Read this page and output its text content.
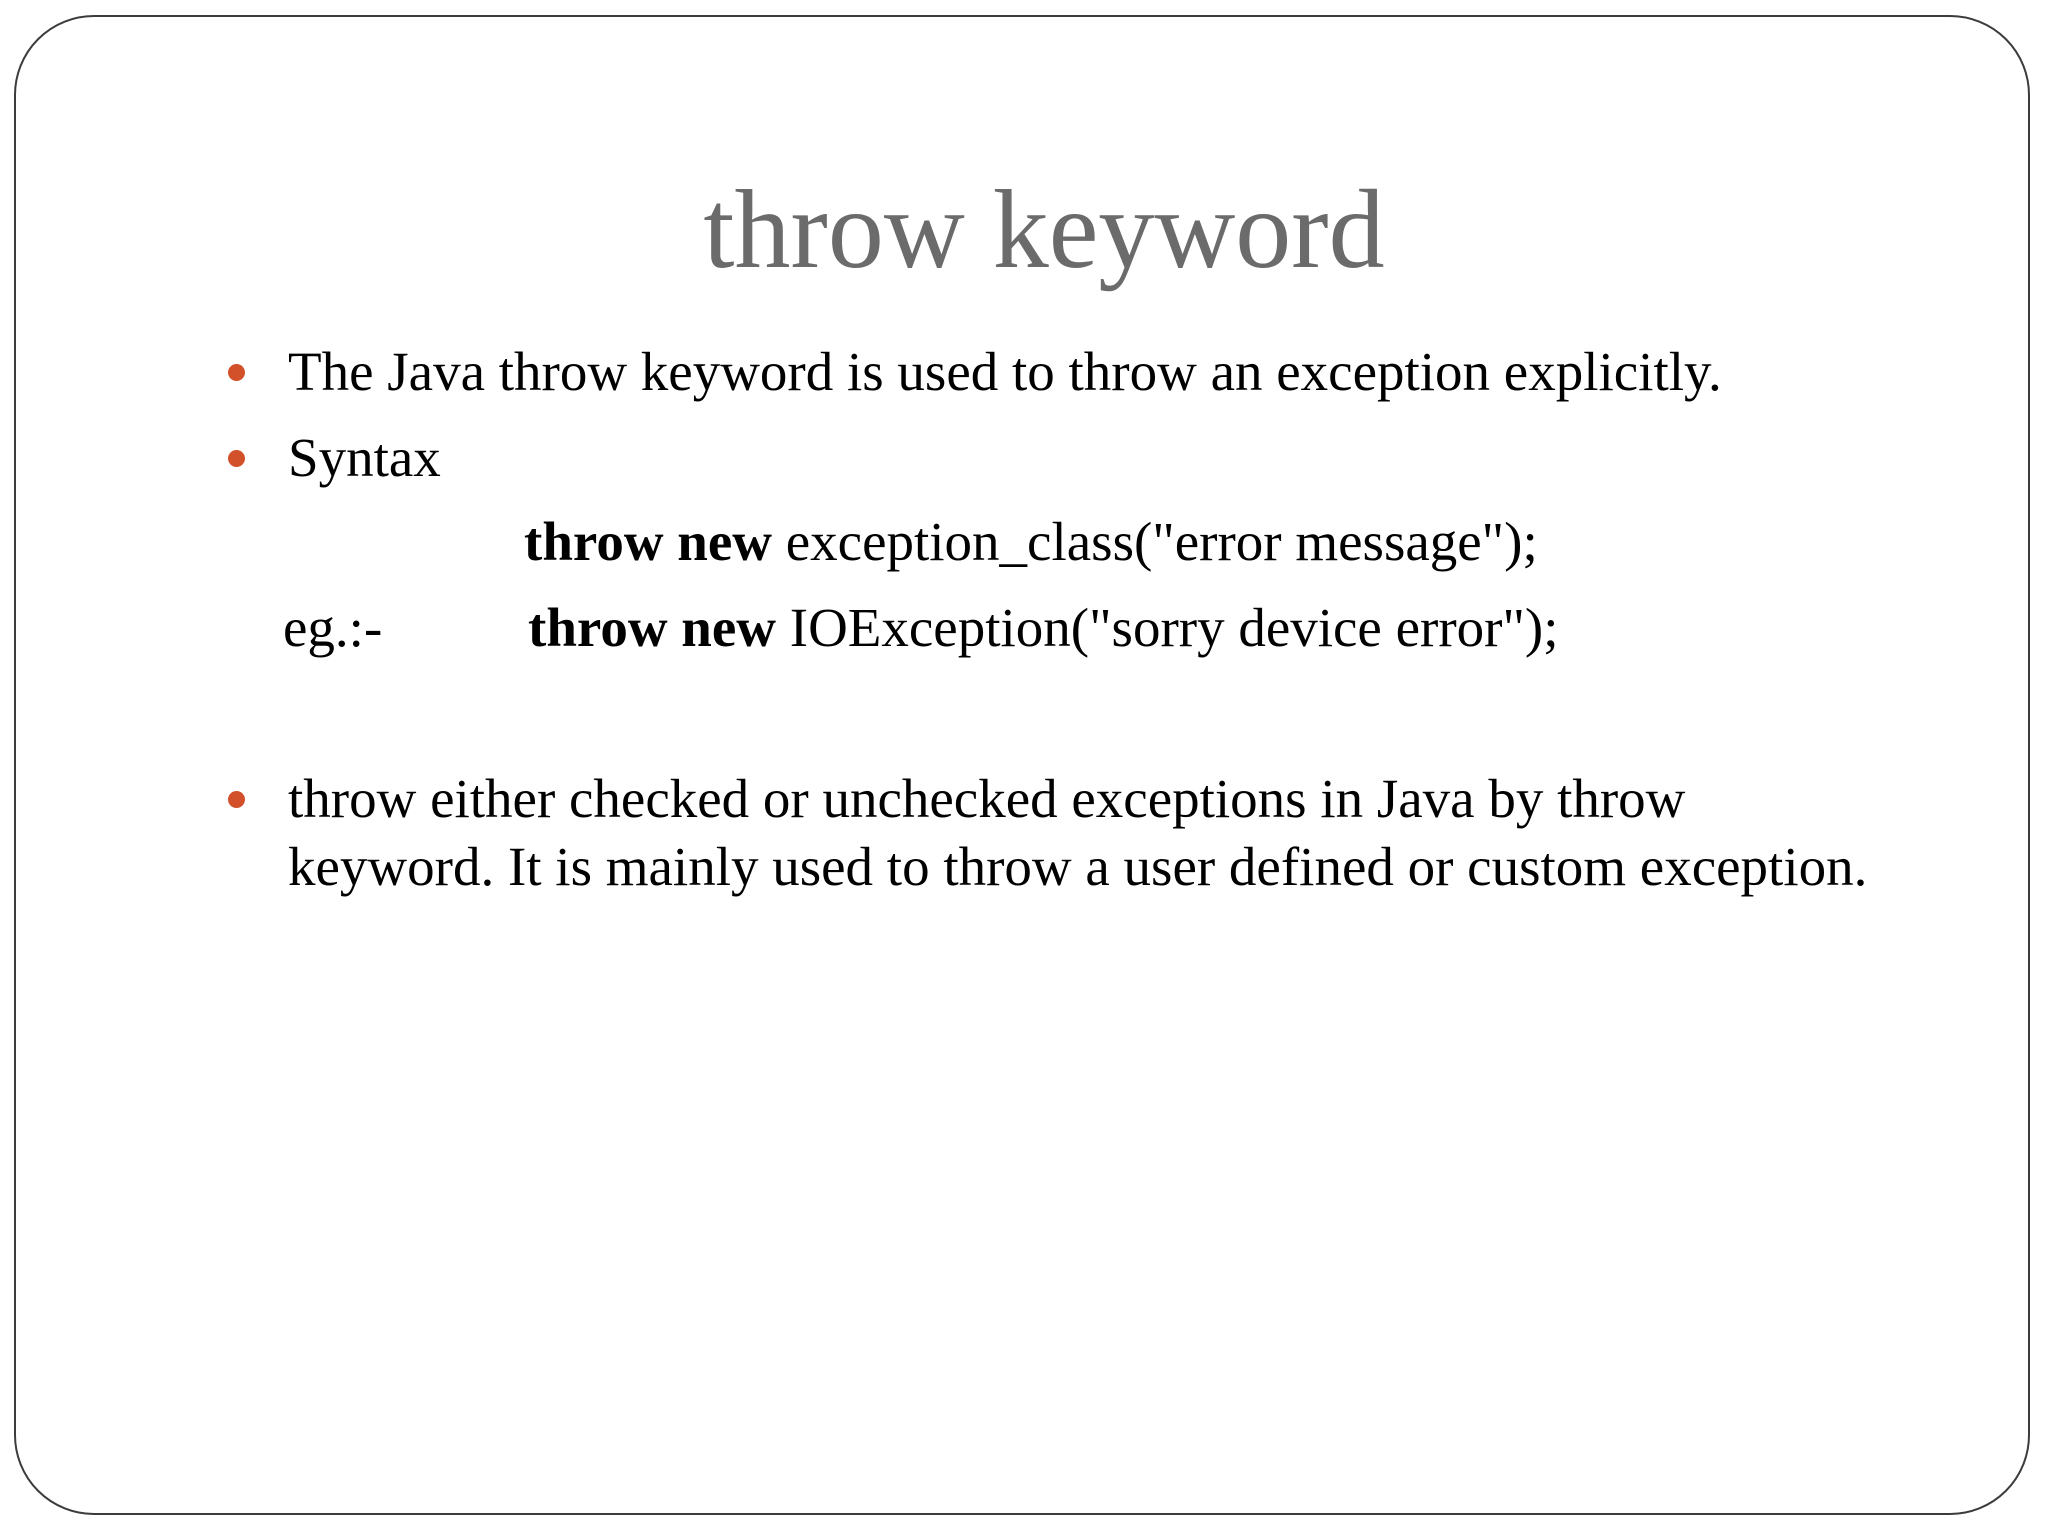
throw keyword
The Java throw keyword is used to throw an exception explicitly.
Syntax
throw new exception_class("error message");
eg.:-	throw new IOException("sorry device error");
throw either checked or unchecked exceptions in Java by throw
keyword. It is mainly used to throw a user defined or custom exception.
